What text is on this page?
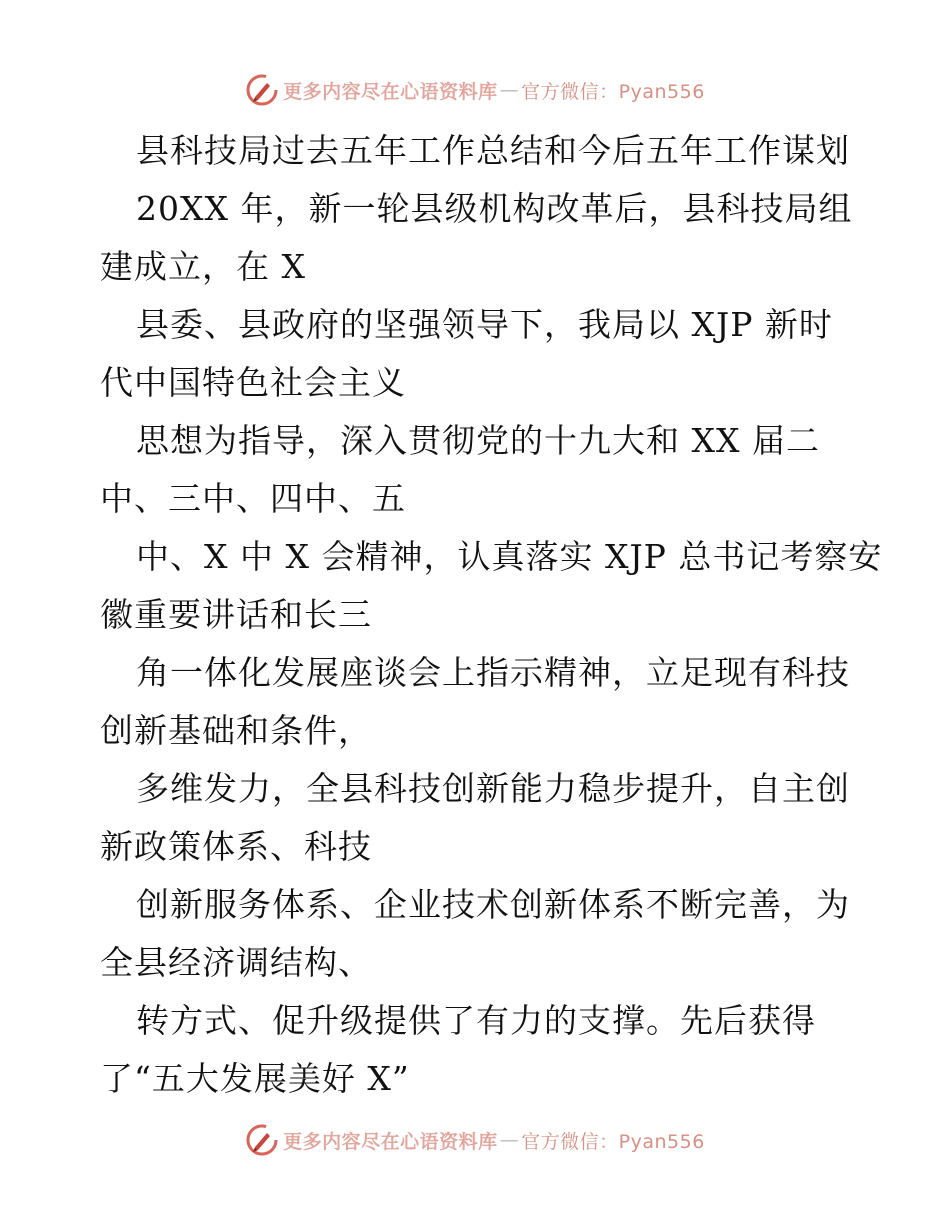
更多内容尽在心语资料库 — 官方微信：Pyan556
县科技局过去五年工作总结和今后五年工作谋划
20XX 年，新一轮县级机构改革后，县科技局组
建成立，在 X
县委、县政府的坚强领导下，我局以 XJP 新时
代中国特色社会主义
思想为指导，深入贯彻党的十九大和 XX 届二
中、三中、四中、五
中、X 中 X 会精神，认真落实 XJP 总书记考察安
徽重要讲话和长三
角一体化发展座谈会上指示精神，立足现有科技
创新基础和条件，
多维发力，全县科技创新能力稳步提升，自主创
新政策体系、科技
创新服务体系、企业技术创新体系不断完善，为
全县经济调结构、
转方式、促升级提供了有力的支撑。先后获得
了“五大发展美好 X”
更多内容尽在心语资料库 — 官方微信：Pyan556
